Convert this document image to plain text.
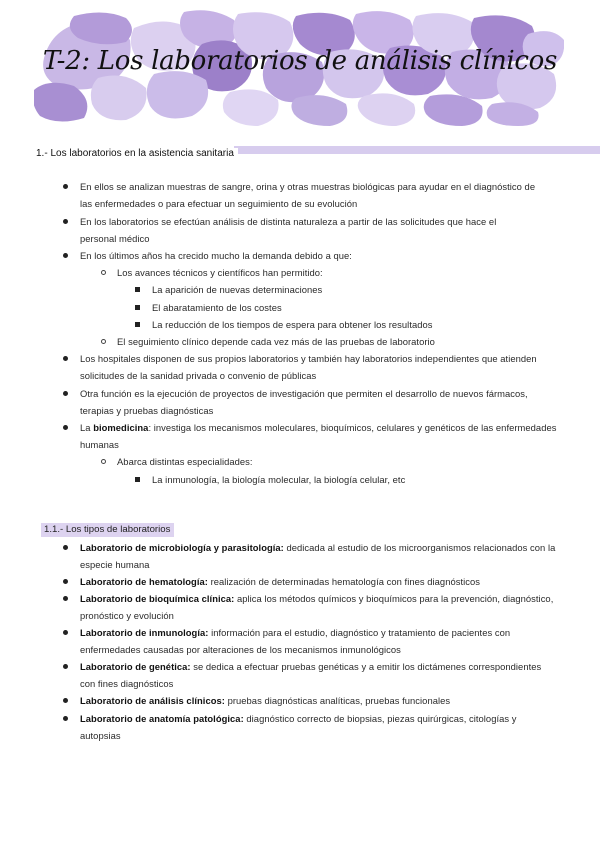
T-2: Los laboratorios de análisis clínicos
1.- Los laboratorios en la asistencia sanitaria
En ellos se analizan muestras de sangre, orina y otras muestras biológicas para ayudar en el diagnóstico de
las enfermedades o para efectuar un seguimiento de su evolución
En los laboratorios se efectúan análisis de distinta naturaleza a partir de las solicitudes que hace el
personal médico
En los últimos años ha crecido mucho la demanda debido a que:
Los avances técnicos y científicos han permitido:
La aparición de nuevas determinaciones
El abaratamiento de los costes
La reducción de los tiempos de espera para obtener los resultados
El seguimiento clínico depende cada vez más de las pruebas de laboratorio
Los hospitales disponen de sus propios laboratorios y también hay laboratorios independientes que atienden
solicitudes de la sanidad privada o convenio de públicas
Otra función es la ejecución de proyectos de investigación que permiten el desarrollo de nuevos fármacos,
terapias y pruebas diagnósticas
La biomedicina: investiga los mecanismos moleculares, bioquímicos, celulares y genéticos de las enfermedades
humanas
Abarca distintas especialidades:
La inmunología, la biología molecular, la biología celular, etc
1.1.- Los tipos de laboratorios
Laboratorio de microbiología y parasitología: dedicada al estudio de los microorganismos relacionados con la
especie humana
Laboratorio de hematología: realización de determinadas hematología con fines diagnósticos
Laboratorio de bioquímica clínica: aplica los métodos químicos y bioquímicos para la prevención, diagnóstico,
pronóstico y evolución
Laboratorio de inmunología: información para el estudio, diagnóstico y tratamiento de pacientes con
enfermedades causadas por alteraciones de los mecanismos inmunológicos
Laboratorio de genética: se dedica a efectuar pruebas genéticas y a emitir los dictámenes correspondientes
con fines diagnósticos
Laboratorio de análisis clínicos: pruebas diagnósticas analíticas, pruebas funcionales
Laboratorio de anatomía patológica: diagnóstico correcto de biopsias, piezas quirúrgicas, citologías y
autopsias
